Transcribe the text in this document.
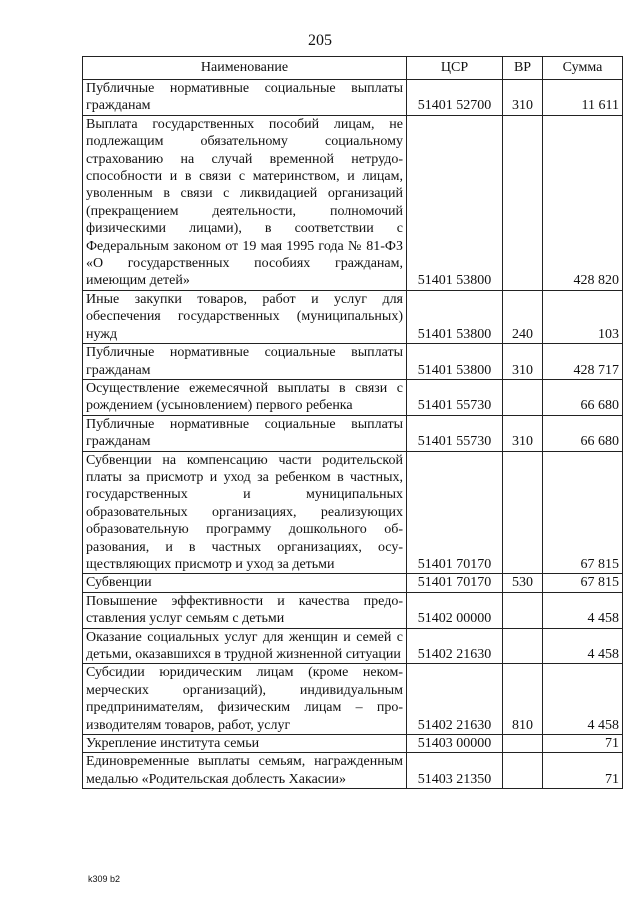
205
Наименование	ЦСР	ВР	Сумма
Публичные нормативные социальные выплаты гражданам	51401 52700	310	11 611
Выплата государственных пособий лицам, не подлежащим обязательному социальному страхованию на случай временной нетрудоспособности и в связи с материнством, и лицам, уволенным в связи с ликвидацией организаций (прекращением деятельности, полномочий физическими лицами), в соответствии с Федеральным законом от 19 мая 1995 года № 81-ФЗ «О государственных пособиях гражданам, имеющим детей»	51401 53800		428 820
Иные закупки товаров, работ и услуг для обеспечения государственных (муниципальных) нужд	51401 53800	240	103
Публичные нормативные социальные выплаты гражданам	51401 53800	310	428 717
Осуществление ежемесячной выплаты в связи с рождением (усыновлением) первого ребенка	51401 55730		66 680
Публичные нормативные социальные выплаты гражданам	51401 55730	310	66 680
Субвенции на компенсацию части родительской платы за присмотр и уход за ребенком в частных, государственных и муниципальных образовательных организациях, реализующих образовательную программу дошкольного образования, и в частных организациях, осуществляющих присмотр и уход за детьми	51401 70170		67 815
Субвенции	51401 70170	530	67 815
Повышение эффективности и качества предоставления услуг семьям с детьми	51402 00000		4 458
Оказание социальных услуг для женщин и семей с детьми, оказавшихся в трудной жизненной ситуации	51402 21630		4 458
Субсидии юридическим лицам (кроме некоммерческих организаций), индивидуальным предпринимателям, физическим лицам – производителям товаров, работ, услуг	51402 21630	810	4 458
Укрепление института семьи	51403 00000		71
Единовременные выплаты семьям, награжденным медалью «Родительская доблесть Хакасии»	51403 21350		71
k309 b2
